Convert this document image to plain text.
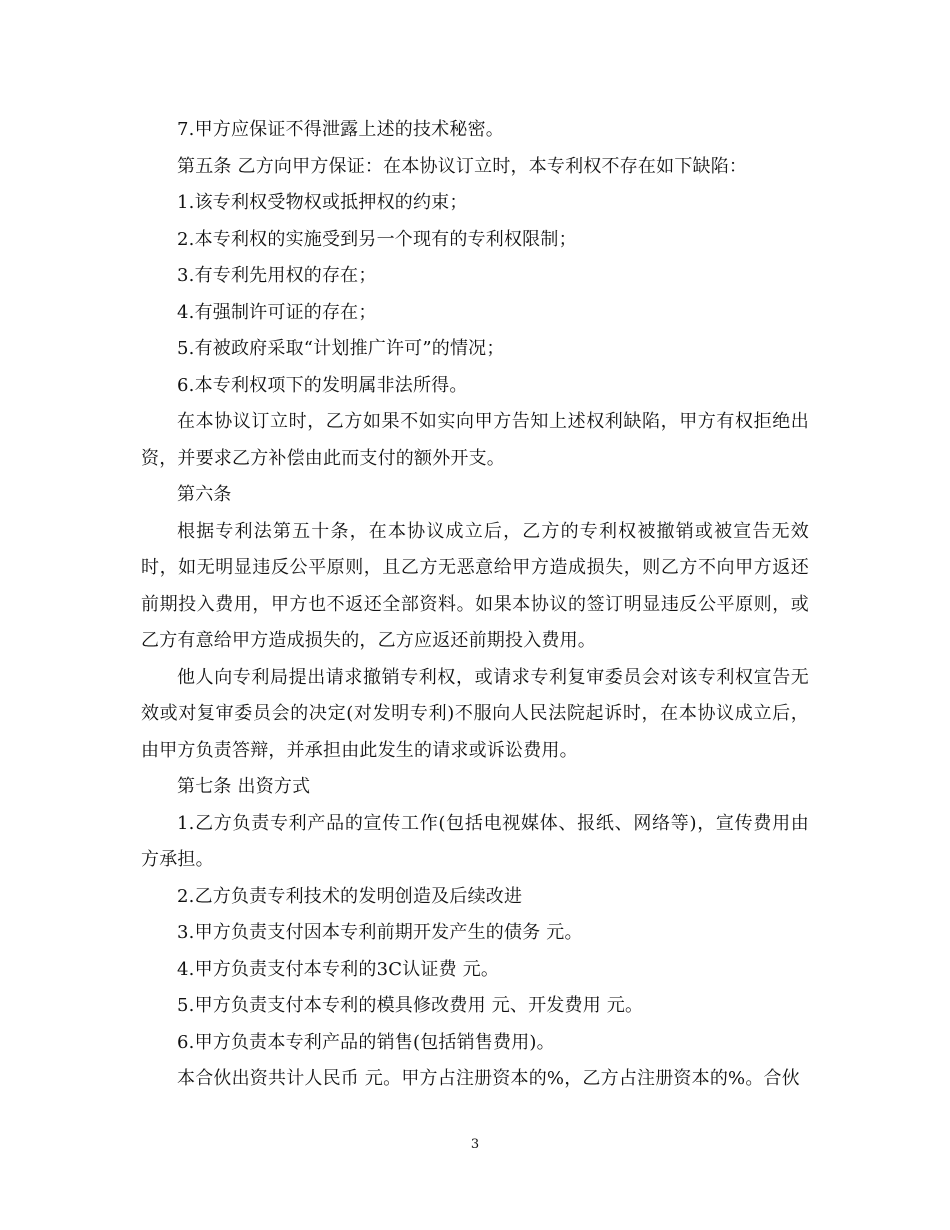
7.甲方应保证不得泄露上述的技术秘密。

第五条 乙方向甲方保证：在本协议订立时，本专利权不存在如下缺陷：

1.该专利权受物权或抵押权的约束；

2.本专利权的实施受到另一个现有的专利权限制；

3.有专利先用权的存在；

4.有强制许可证的存在；

5.有被政府采取“计划推广许可”的情况；

6.本专利权项下的发明属非法所得。

在本协议订立时，乙方如果不如实向甲方告知上述权利缺陷，甲方有权拒绝出资，并要求乙方补偿由此而支付的额外开支。

第六条

根据专利法第五十条，在本协议成立后，乙方的专利权被撤销或被宣告无效时，如无明显违反公平原则，且乙方无恶意给甲方造成损失，则乙方不向甲方返还前期投入费用，甲方也不返还全部资料。如果本协议的签订明显违反公平原则，或乙方有意给甲方造成损失的，乙方应返还前期投入费用。

他人向专利局提出请求撤销专利权，或请求专利复审委员会对该专利权宣告无效或对复审委员会的决定(对发明专利)不服向人民法院起诉时，在本协议成立后，由甲方负责答辩，并承担由此发生的请求或诉讼费用。

第七条 出资方式

1.乙方负责专利产品的宣传工作(包括电视媒体、报纸、网络等)，宣传费用由 方承担。

2.乙方负责专利技术的发明创造及后续改进

3.甲方负责支付因本专利前期开发产生的债务 元。

4.甲方负责支付本专利的3C认证费 元。

5.甲方负责支付本专利的模具修改费用 元、开发费用 元。

6.甲方负责本专利产品的销售(包括销售费用)。

本合伙出资共计人民币 元。甲方占注册资本的%，乙方占注册资本的%。合伙

3
